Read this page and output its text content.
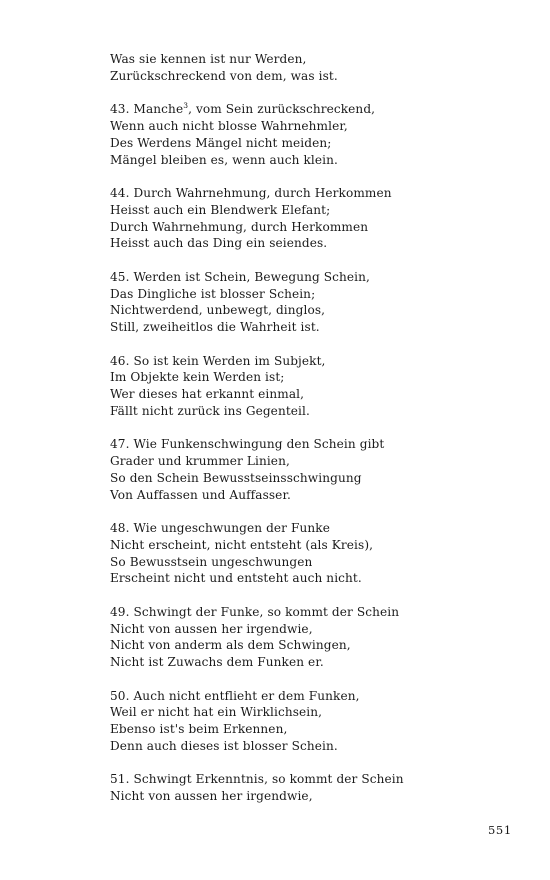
Was sie kennen ist nur Werden,
Zurückschreckend von dem, was ist.
43. Manche$^3$, vom Sein zurückschreckend,
Wenn auch nicht blosse Wahrnehmler,
Des Werdens Mängel nicht meiden;
Mängel bleiben es, wenn auch klein.
44. Durch Wahrnehmung, durch Herkommen
Heisst auch ein Blendwerk Elefant;
Durch Wahrnehmung, durch Herkommen
Heisst auch das Ding ein seiendes.
45. Werden ist Schein, Bewegung Schein,
Das Dingliche ist blosser Schein;
Nichtwerdend, unbewegt, dinglos,
Still, zweiheitlos die Wahrheit ist.
46. So ist kein Werden im Subjekt,
Im Objekte kein Werden ist;
Wer dieses hat erkannt einmal,
Fällt nicht zurück ins Gegenteil.
47. Wie Funkenschwingung den Schein gibt
Grader und krummer Linien,
So den Schein Bewusstseinsschwingung
Von Auffassen und Auffasser.
48. Wie ungeschwungen der Funke
Nicht erscheint, nicht entsteht (als Kreis),
So Bewusstsein ungeschwungen
Erscheint nicht und entsteht auch nicht.
49. Schwingt der Funke, so kommt der Schein
Nicht von aussen her irgendwie,
Nicht von anderm als dem Schwingen,
Nicht ist Zuwachs dem Funken er.
50. Auch nicht entflieht er dem Funken,
Weil er nicht hat ein Wirklichsein,
Ebenso ist's beim Erkennen,
Denn auch dieses ist blosser Schein.
51. Schwingt Erkenntnis, so kommt der Schein
Nicht von aussen her irgendwie,
551
